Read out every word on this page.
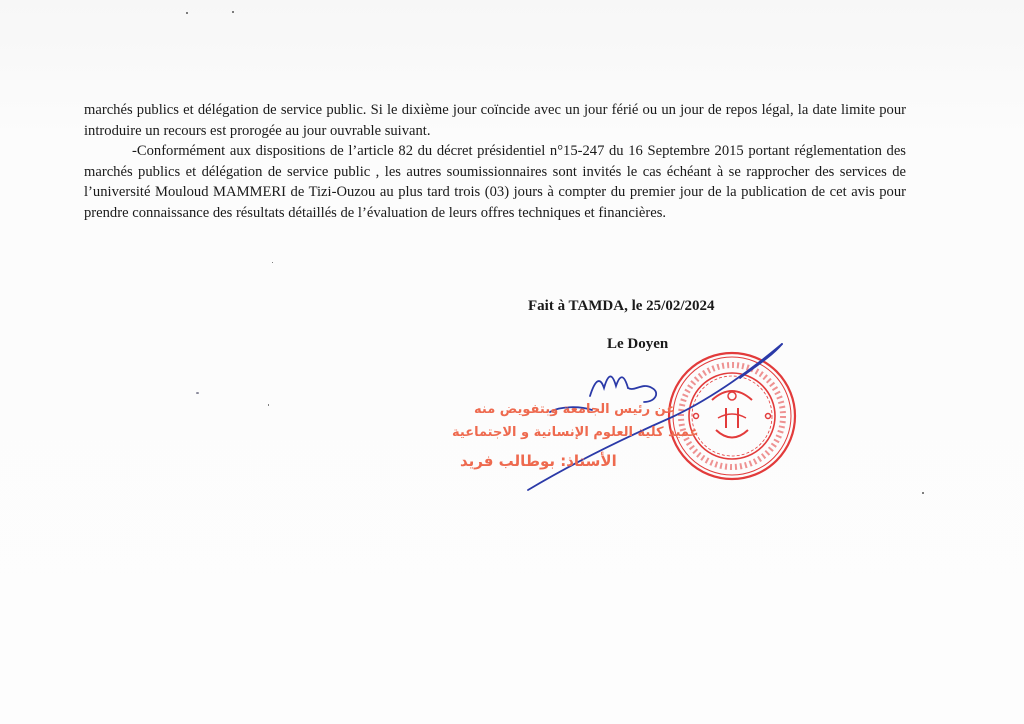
marchés publics et délégation de service public. Si le dixième jour coïncide avec un jour férié ou un jour de repos légal, la date limite pour introduire un recours est prorogée au jour ouvrable suivant.

-Conformément aux dispositions de l’article 82 du décret présidentiel n°15-247 du 16 Septembre 2015 portant réglementation des marchés publics et délégation de service public , les autres soumissionnaires sont invités le cas échéant à se rapprocher des services de l’université Mouloud MAMMERI de Tizi-Ouzou au plus tard trois (03) jours à compter du premier jour de la publication de cet avis pour prendre connaissance des résultats détaillés de l’évaluation de leurs offres techniques et financières.

Fait à TAMDA, le 25/02/2024
Le Doyen
عن رئيس الجامعة وبتفويض منه
عميد كلية العلوم الإنسانية و الاجتماعية
الأستاذ: بوطالب فريد
